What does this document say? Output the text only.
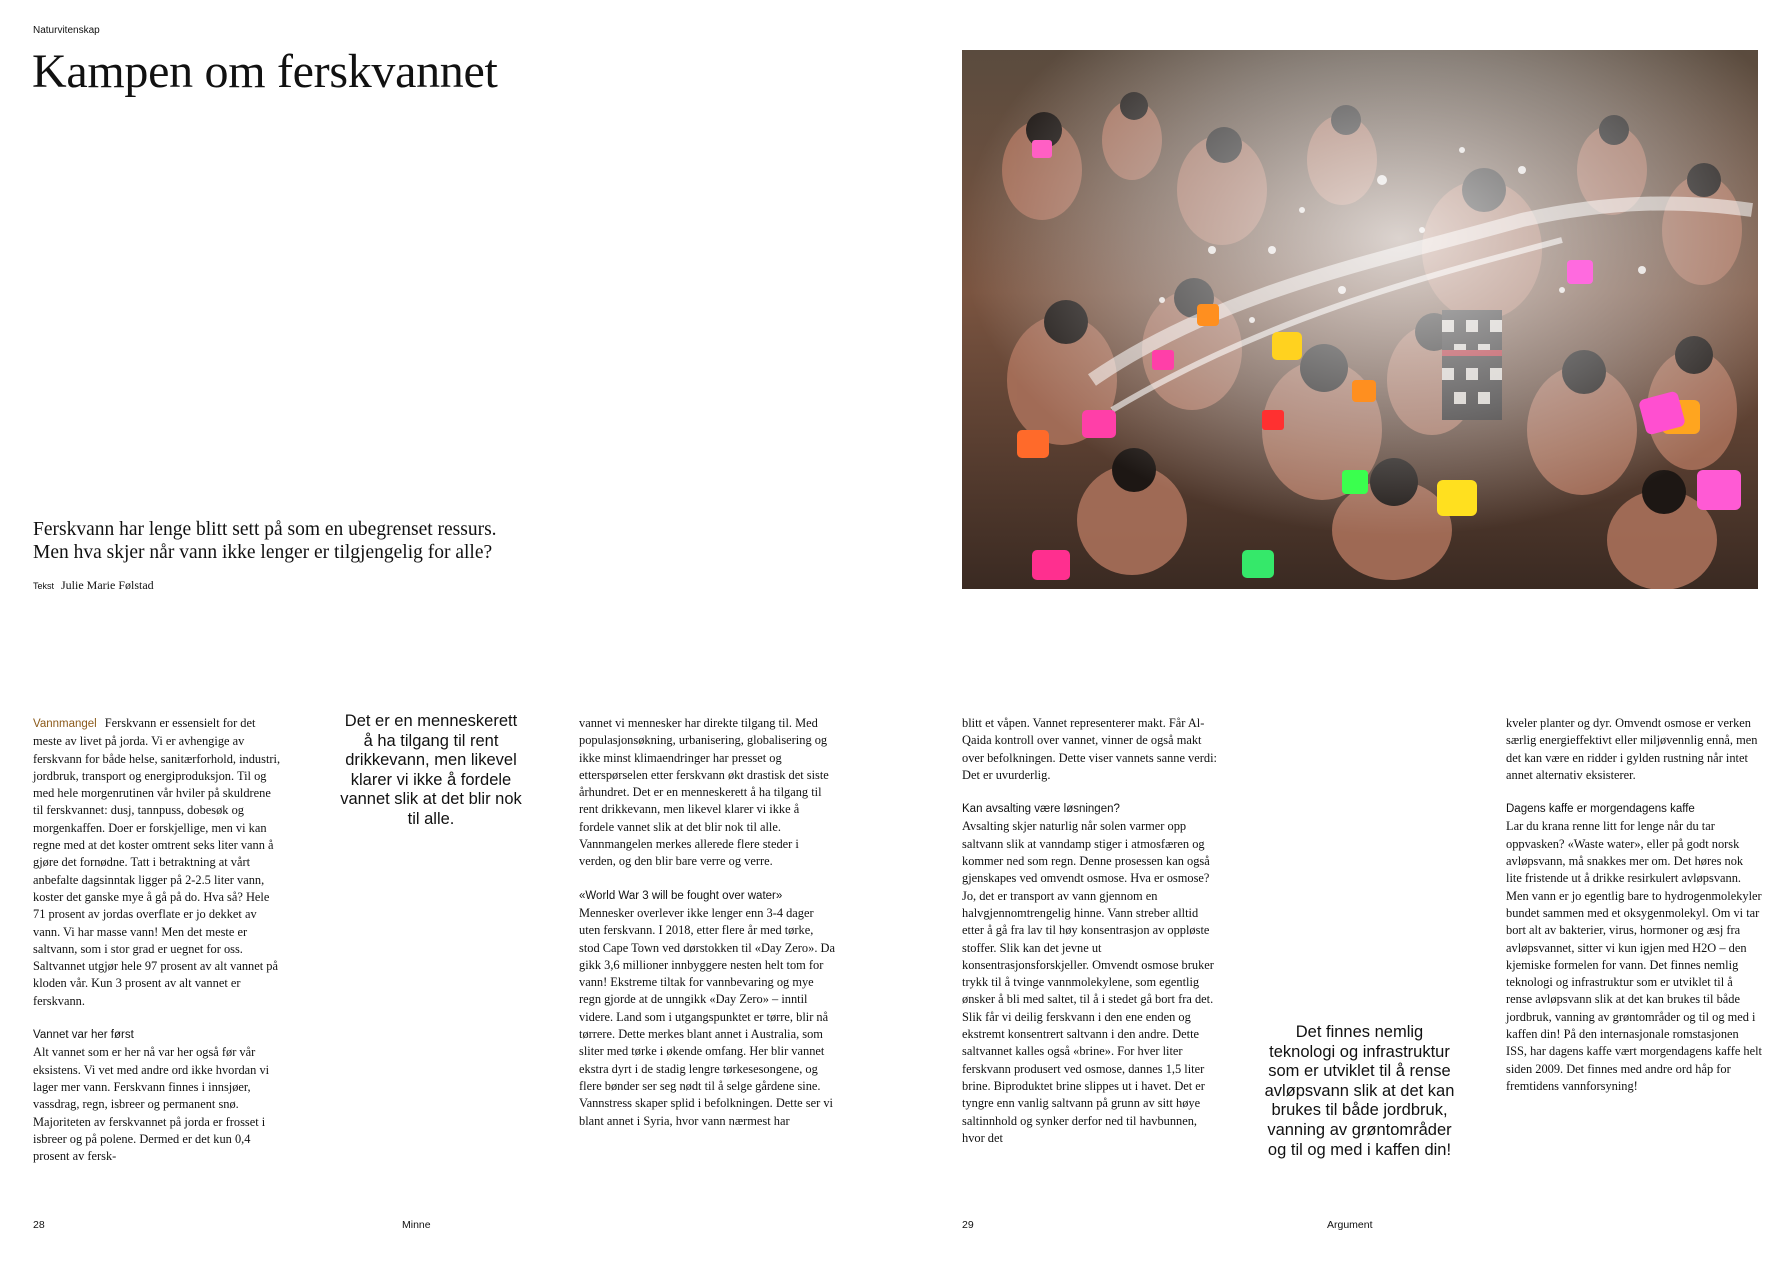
Naturvitenskap
Kampen om ferskvannet

Ferskvann har lenge blitt sett på som en ubegrenset ressurs.

Men hva skjer når vann ikke lenger er tilgjengelig for alle?

Tekst Julie Marie Følstad

Vannmangel Ferskvann er essensielt for det meste av livet på jorda. Vi er avhengige av ferskvann for både helse, sanitærforhold, industri, jordbruk, transport og energiproduksjon. Til og med hele morgenrutinen vår hviler på skuldrene til ferskvannet: dusj, tannpuss, dobesøk og morgenkaffen. Doer er forskjellige, men vi kan regne med at det koster omtrent seks liter vann å gjøre det fornødne. Tatt i betraktning at vårt anbefalte dagsinntak ligger på 2-2.5 liter vann, koster det ganske mye å gå på do. Hva så? Hele 71 prosent av jordas overflate er jo dekket av vann. Vi har masse vann! Men det meste er saltvann, som i stor grad er uegnet for oss. Saltvannet utgjør hele 97 prosent av alt vannet på kloden vår. Kun 3 prosent av alt vannet er ferskvann.

Vannet var her først

Alt vannet som er her nå var her også før vår eksistens. Vi vet med andre ord ikke hvordan vi lager mer vann. Ferskvann finnes i innsjøer, vassdrag, regn, isbreer og permanent snø. Majoriteten av ferskvannet på jorda er frosset i isbreer og på polene. Dermed er det kun 0,4 prosent av fersk-

Det er en menneskerett å ha tilgang til rent drikkevann, men likevel klarer vi ikke å fordele vannet slik at det blir nok til alle.

vannet vi mennesker har direkte tilgang til. Med populasjonsøkning, urbanisering, globalisering og ikke minst klimaendringer har presset og etterspørselen etter ferskvann økt drastisk det siste århundret. Det er en menneskerett å ha tilgang til rent drikkevann, men likevel klarer vi ikke å fordele vannet slik at det blir nok til alle. Vannmangelen merkes allerede flere steder i verden, og den blir bare verre og verre.

«World War 3 will be fought over water»

Mennesker overlever ikke lenger enn 3-4 dager uten ferskvann. I 2018, etter flere år med tørke, stod Cape Town ved dørstokken til «Day Zero». Da gikk 3,6 millioner innbyggere nesten helt tom for vann! Ekstreme tiltak for vannbevaring og mye regn gjorde at de unngikk «Day Zero» – inntil videre. Land som i utgangspunktet er tørre, blir nå tørrere. Dette merkes blant annet i Australia, som sliter med tørke i økende omfang. Her blir vannet ekstra dyrt i de stadig lengre tørkesesongene, og flere bønder ser seg nødt til å selge gårdene sine. Vannstress skaper splid i befolkningen. Dette ser vi blant annet i Syria, hvor vann nærmest har

28	Minne

blitt et våpen. Vannet representerer makt. Får Al-Qaida kontroll over vannet, vinner de også makt over befolkningen. Dette viser vannets sanne verdi: Det er uvurderlig.

Kan avsalting være løsningen?

Avsalting skjer naturlig når solen varmer opp saltvann slik at vanndamp stiger i atmosfæren og kommer ned som regn. Denne prosessen kan også gjenskapes ved omvendt osmose. Hva er osmose? Jo, det er transport av vann gjennom en halvgjennomtrengelig hinne. Vann streber alltid etter å gå fra lav til høy konsentrasjon av oppløste stoffer. Slik kan det jevne ut konsentrasjonsforskjeller. Omvendt osmose bruker trykk til å tvinge vannmolekylene, som egentlig ønsker å bli med saltet, til å i stedet gå bort fra det. Slik får vi deilig ferskvann i den ene enden og ekstremt konsentrert saltvann i den andre. Dette saltvannet kalles også «brine». For hver liter ferskvann produsert ved osmose, dannes 1,5 liter brine. Biproduktet brine slippes ut i havet. Det er tyngre enn vanlig saltvann på grunn av sitt høye saltinnhold og synker derfor ned til havbunnen, hvor det

Det finnes nemlig teknologi og infrastruktur som er utviklet til å rense avløpsvann slik at det kan brukes til både jordbruk, vanning av grøntområder og til og med i kaffen din!

kveler planter og dyr. Omvendt osmose er verken særlig energieffektivt eller miljøvennlig ennå, men det kan være en ridder i gylden rustning når intet annet alternativ eksisterer.

Dagens kaffe er morgendagens kaffe

Lar du krana renne litt for lenge når du tar oppvasken? «Waste water», eller på godt norsk avløpsvann, må snakkes mer om. Det høres nok lite fristende ut å drikke resirkulert avløpsvann. Men vann er jo egentlig bare to hydrogenmolekyler bundet sammen med et oksygenmolekyl. Om vi tar bort alt av bakterier, virus, hormoner og æsj fra avløpsvannet, sitter vi kun igjen med H2O – den kjemiske formelen for vann. Det finnes nemlig teknologi og infrastruktur som er utviklet til å rense avløpsvann slik at det kan brukes til både jordbruk, vanning av grøntområder og til og med i kaffen din! På den internasjonale romstasjonen ISS, har dagens kaffe vært morgendagens kaffe helt siden 2009. Det finnes med andre ord håp for fremtidens vannforsyning!

29	Argument
